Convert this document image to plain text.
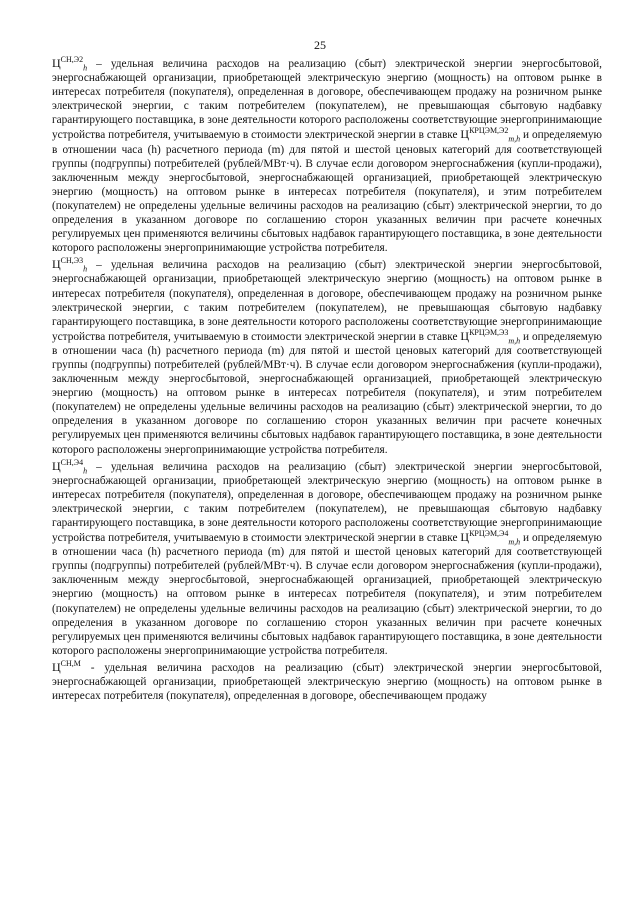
25

$Ц^{СН,Э2}_h$ – удельная величина расходов на реализацию (сбыт) электрической энергии энергосбытовой, энергоснабжающей организации, приобретающей электрическую энергию (мощность) на оптовом рынке в интересах потребителя (покупателя), определенная в договоре, обеспечивающем продажу на розничном рынке электрической энергии, с таким потребителем (покупателем), не превышающая сбытовую надбавку гарантирующего поставщика, в зоне деятельности которого расположены соответствующие энергопринимающие устройства потребителя, учитываемую в стоимости электрической энергии в ставке $Ц^{КРЦЭМ,Э2}_{m,h}$ и определяемую в отношении часа (h) расчетного периода (m) для пятой и шестой ценовых категорий для соответствующей группы (подгруппы) потребителей (рублей/МВт·ч). В случае если договором энергоснабжения (купли-продажи), заключенным между энергосбытовой, энергоснабжающей организацией, приобретающей электрическую энергию (мощность) на оптовом рынке в интересах потребителя (покупателя), и этим потребителем (покупателем) не определены удельные величины расходов на реализацию (сбыт) электрической энергии, то до определения в указанном договоре по соглашению сторон указанных величин при расчете конечных регулируемых цен применяются величины сбытовых надбавок гарантирующего поставщика, в зоне деятельности которого расположены энергопринимающие устройства потребителя.

$Ц^{СН,Э3}_h$ – удельная величина расходов на реализацию (сбыт) электрической энергии энергосбытовой, энергоснабжающей организации, приобретающей электрическую энергию (мощность) на оптовом рынке в интересах потребителя (покупателя), определенная в договоре, обеспечивающем продажу на розничном рынке электрической энергии, с таким потребителем (покупателем), не превышающая сбытовую надбавку гарантирующего поставщика, в зоне деятельности которого расположены соответствующие энергопринимающие устройства потребителя, учитываемую в стоимости электрической энергии в ставке $Ц^{КРЦЭМ,Э3}_{m,h}$ и определяемую в отношении часа (h) расчетного периода (m) для пятой и шестой ценовых категорий для соответствующей группы (подгруппы) потребителей (рублей/МВт·ч). В случае если договором энергоснабжения (купли-продажи), заключенным между энергосбытовой, энергоснабжающей организацией, приобретающей электрическую энергию (мощность) на оптовом рынке в интересах потребителя (покупателя), и этим потребителем (покупателем) не определены удельные величины расходов на реализацию (сбыт) электрической энергии, то до определения в указанном договоре по соглашению сторон указанных величин при расчете конечных регулируемых цен применяются величины сбытовых надбавок гарантирующего поставщика, в зоне деятельности которого расположены энергопринимающие устройства потребителя.

$Ц^{СН,Э4}_h$ – удельная величина расходов на реализацию (сбыт) электрической энергии энергосбытовой, энергоснабжающей организации, приобретающей электрическую энергию (мощность) на оптовом рынке в интересах потребителя (покупателя), определенная в договоре, обеспечивающем продажу на розничном рынке электрической энергии, с таким потребителем (покупателем), не превышающая сбытовую надбавку гарантирующего поставщика, в зоне деятельности которого расположены соответствующие энергопринимающие устройства потребителя, учитываемую в стоимости электрической энергии в ставке $Ц^{КРЦЭМ,Э4}_{m,h}$ и определяемую в отношении часа (h) расчетного периода (m) для пятой и шестой ценовых категорий для соответствующей группы (подгруппы) потребителей (рублей/МВт·ч). В случае если договором энергоснабжения (купли-продажи), заключенным между энергосбытовой, энергоснабжающей организацией, приобретающей электрическую энергию (мощность) на оптовом рынке в интересах потребителя (покупателя), и этим потребителем (покупателем) не определены удельные величины расходов на реализацию (сбыт) электрической энергии, то до определения в указанном договоре по соглашению сторон указанных величин при расчете конечных регулируемых цен применяются величины сбытовых надбавок гарантирующего поставщика, в зоне деятельности которого расположены энергопринимающие устройства потребителя.

$Ц^{СН,М}$ - удельная величина расходов на реализацию (сбыт) электрической энергии энергосбытовой, энергоснабжающей организации, приобретающей электрическую энергию (мощность) на оптовом рынке в интересах потребителя (покупателя), определенная в договоре, обеспечивающем продажу
